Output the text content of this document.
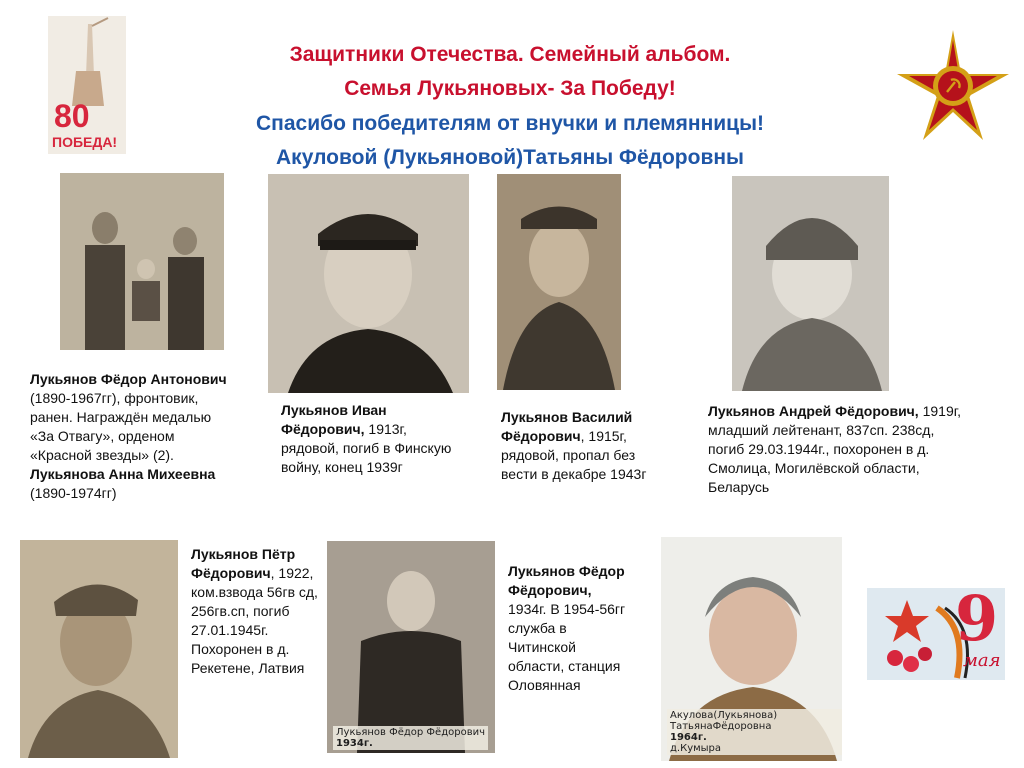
80
ПОБЕДА!
Защитники Отечества. Семейный альбом.
Семья Лукьяновых- За Победу!
Спасибо победителям от внучки и племянницы!
Акуловой (Лукьяновой)Татьяны Фёдоровны
Лукьянов Фёдор Антонович (1890-1967гг), фронтовик, ранен. Награждён медалью «За Отвагу», орденом «Красной звезды» (2).
Лукьянова Анна Михеевна (1890-1974гг)
Лукьянов Иван Фёдорович, 1913г, рядовой, погиб в Финскую войну, конец 1939г
Лукьянов Василий Фёдорович, 1915г, рядовой, пропал без вести в декабре 1943г
Лукьянов Андрей Фёдорович, 1919г, младший лейтенант, 837сп. 238сд, погиб 29.03.1944г., похоронен в д. Смолица, Могилёвской области, Беларусь
Лукьянов Фёдор Фёдорович
1934г.
Акулова(Лукьянова) ТатьянаФёдоровна
1964г.
д.Кумыра
Лукьянов Пётр Фёдорович, 1922, ком.взвода 56гв сд, 256гв.сп, погиб 27.01.1945г. Похоронен в д. Рекетене, Латвия
Лукьянов Фёдор Фёдорович, 1934г. В 1954-56гг служба в Читинской области, станция Оловянная
9
мая
